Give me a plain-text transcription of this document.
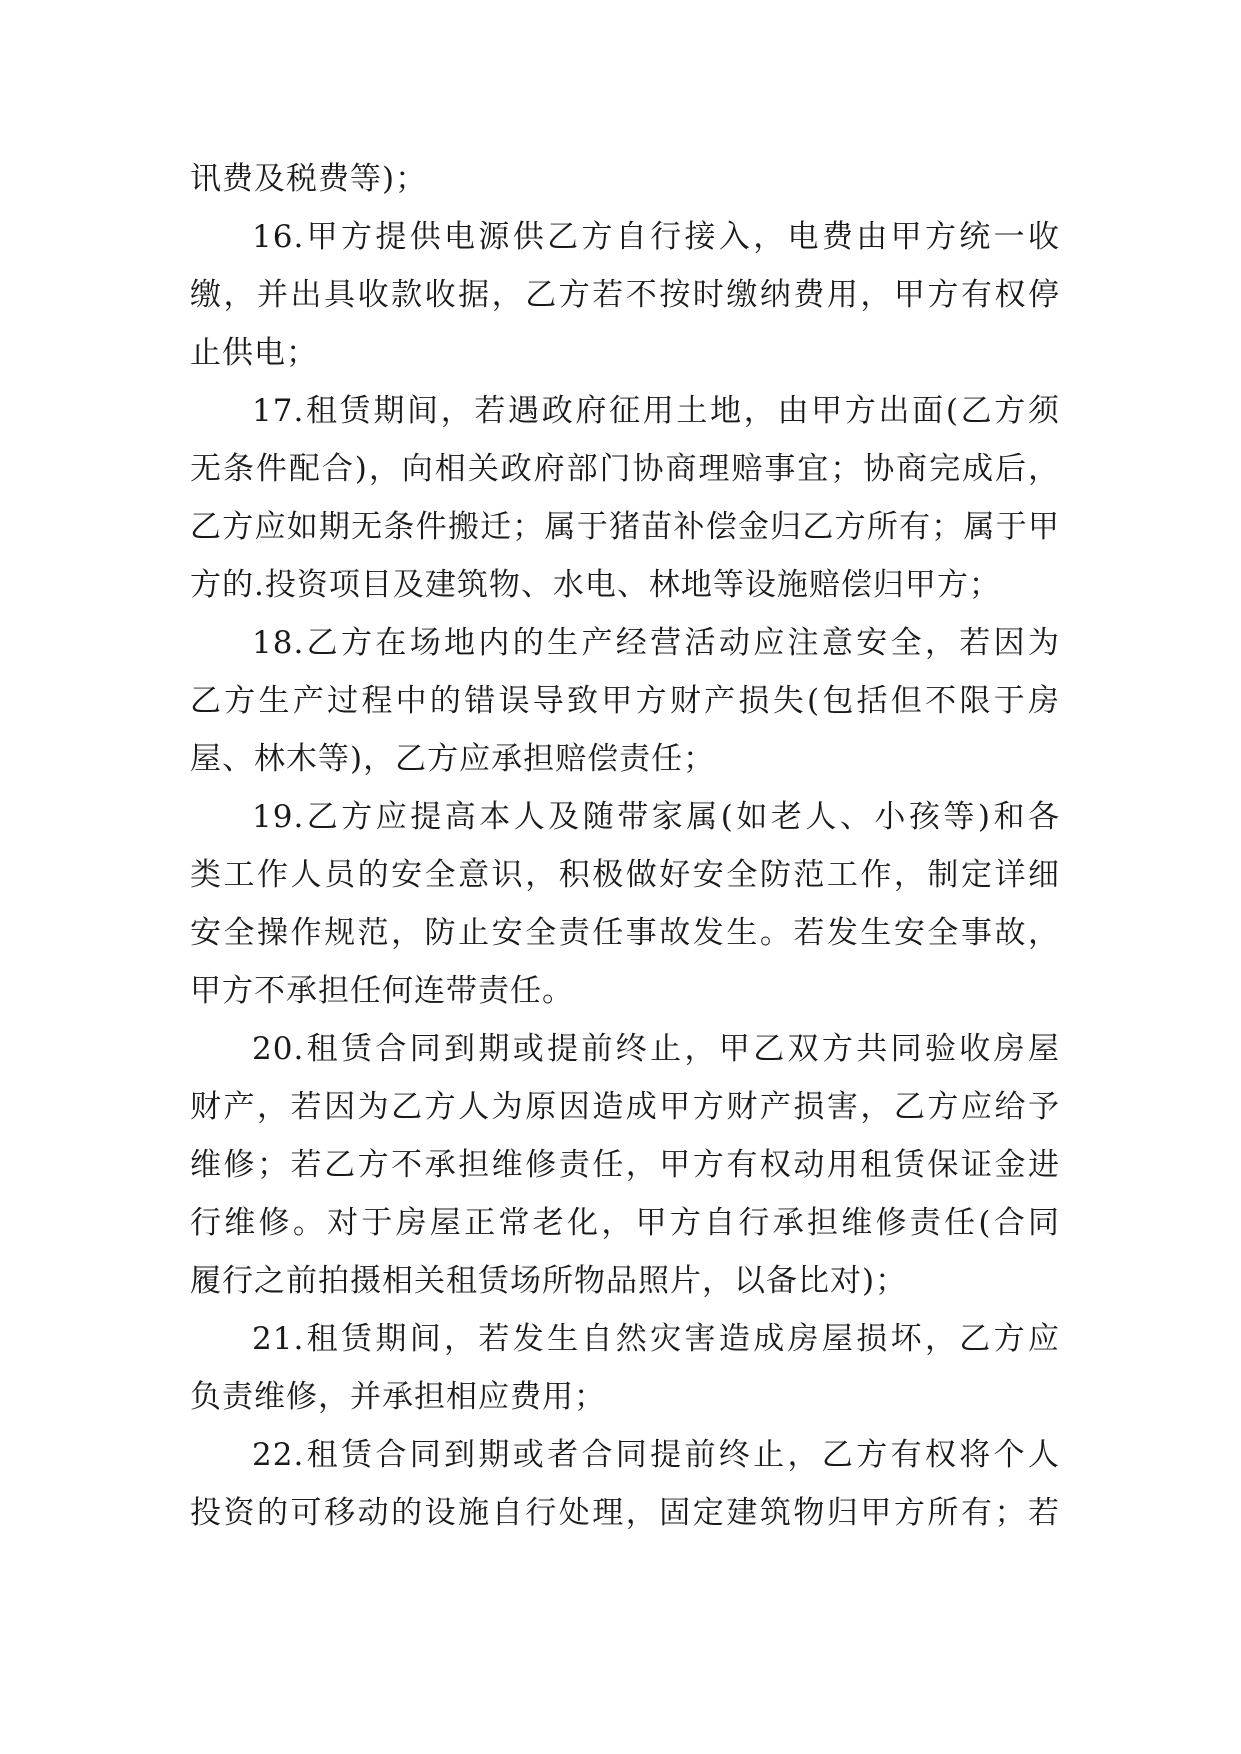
讯费及税费等)；
16.甲方提供电源供乙方自行接入，电费由甲方统一收
缴，并出具收款收据，乙方若不按时缴纳费用，甲方有权停
止供电；
17.租赁期间，若遇政府征用土地，由甲方出面(乙方须
无条件配合)，向相关政府部门协商理赔事宜；协商完成后，
乙方应如期无条件搬迁；属于猪苗补偿金归乙方所有；属于甲
方的.投资项目及建筑物、水电、林地等设施赔偿归甲方；
18.乙方在场地内的生产经营活动应注意安全，若因为
乙方生产过程中的错误导致甲方财产损失(包括但不限于房
屋、林木等)，乙方应承担赔偿责任；
19.乙方应提高本人及随带家属(如老人、小孩等)和各
类工作人员的安全意识，积极做好安全防范工作，制定详细
安全操作规范，防止安全责任事故发生。若发生安全事故，
甲方不承担任何连带责任。
20.租赁合同到期或提前终止，甲乙双方共同验收房屋
财产，若因为乙方人为原因造成甲方财产损害，乙方应给予
维修；若乙方不承担维修责任，甲方有权动用租赁保证金进
行维修。对于房屋正常老化，甲方自行承担维修责任(合同
履行之前拍摄相关租赁场所物品照片，以备比对)；
21.租赁期间，若发生自然灾害造成房屋损坏，乙方应
负责维修，并承担相应费用；
22.租赁合同到期或者合同提前终止，乙方有权将个人
投资的可移动的设施自行处理，固定建筑物归甲方所有；若
